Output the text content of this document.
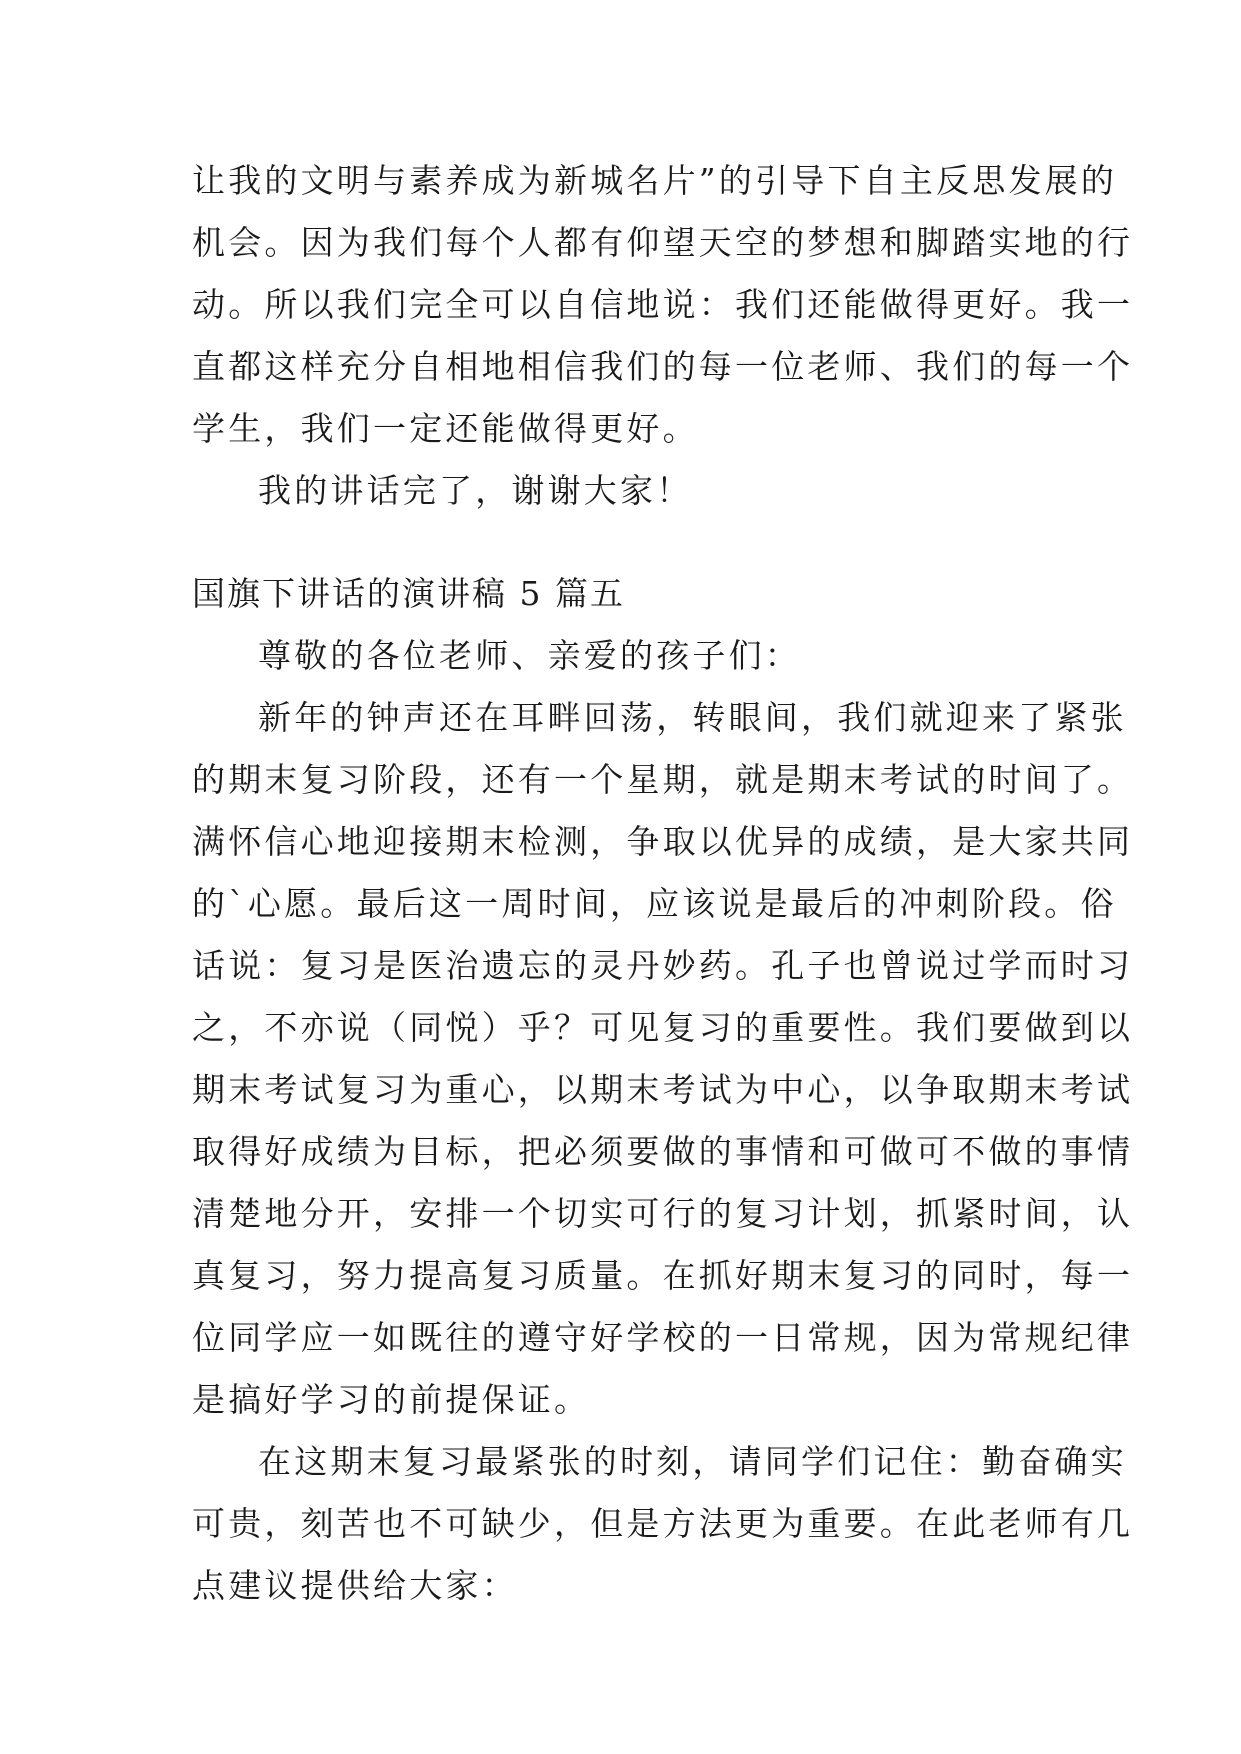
让我的文明与素养成为新城名片”的引导下自主反思发展的
机会。因为我们每个人都有仰望天空的梦想和脚踏实地的行
动。所以我们完全可以自信地说：我们还能做得更好。我一
直都这样充分自相地相信我们的每一位老师、我们的每一个
学生，我们一定还能做得更好。
我的讲话完了，谢谢大家！
国旗下讲话的演讲稿 5 篇五
尊敬的各位老师、亲爱的孩子们：
新年的钟声还在耳畔回荡，转眼间，我们就迎来了紧张
的期末复习阶段，还有一个星期，就是期末考试的时间了。
满怀信心地迎接期末检测，争取以优异的成绩，是大家共同
的`心愿。最后这一周时间，应该说是最后的冲刺阶段。俗
话说：复习是医治遗忘的灵丹妙药。孔子也曾说过学而时习
之，不亦说（同悦）乎？可见复习的重要性。我们要做到以
期末考试复习为重心，以期末考试为中心，以争取期末考试
取得好成绩为目标，把必须要做的事情和可做可不做的事情
清楚地分开，安排一个切实可行的复习计划，抓紧时间，认
真复习，努力提高复习质量。在抓好期末复习的同时，每一
位同学应一如既往的遵守好学校的一日常规，因为常规纪律
是搞好学习的前提保证。
在这期末复习最紧张的时刻，请同学们记住：勤奋确实
可贵，刻苦也不可缺少，但是方法更为重要。在此老师有几
点建议提供给大家：
